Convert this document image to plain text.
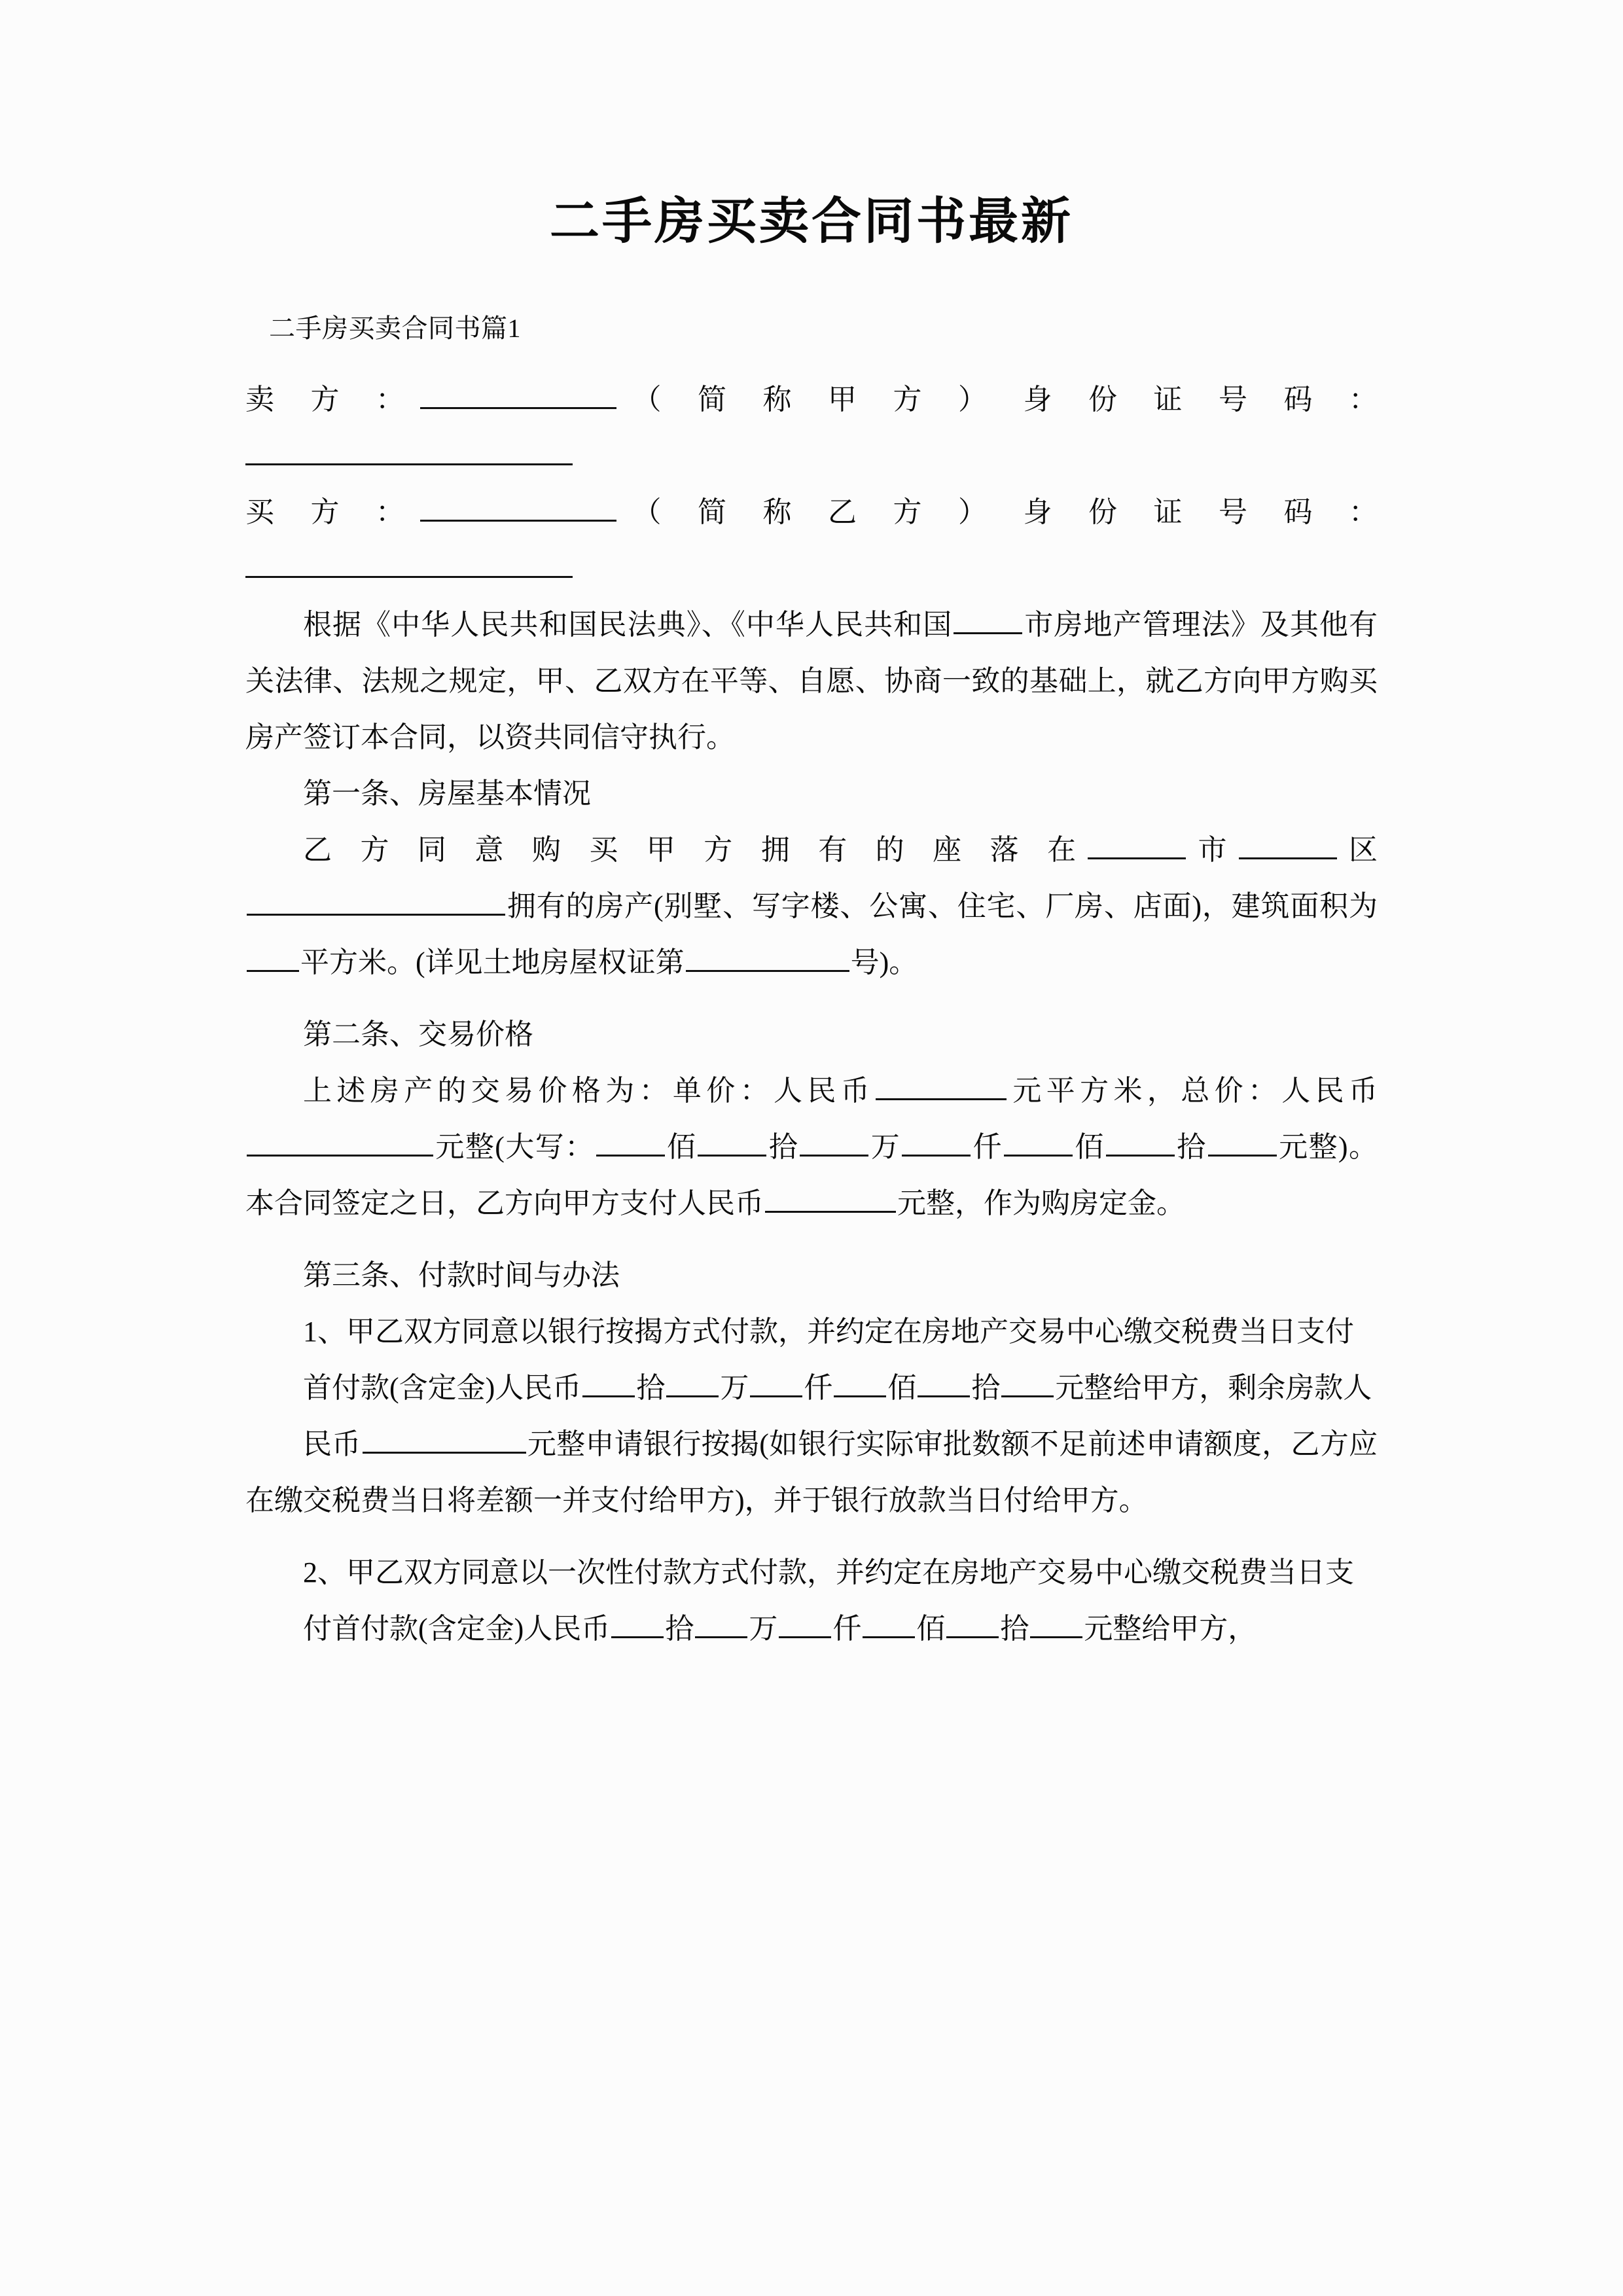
二手房买卖合同书最新
二手房买卖合同书篇1

卖 方 ：	（ 简 称 甲 方 ） 身 份 证 号 码 ：

买 方 ：	（ 简 称 乙 方 ） 身 份 证 号 码 ：

根据《中华人民共和国民法典》、《中华人民共和国 市房地产管理法》及其他有关法律、法规之规定，甲、乙双方在平等、自愿、协商一致的基础上，就乙方向甲方购买房产签订本合同，以资共同信守执行。

第一条、房屋基本情况

乙 方 同 意 购 买 甲 方 拥 有 的 座 落 在	市	区

拥有的房产(别墅、写字楼、公寓、住宅、厂房、店面)，建筑面积为平方米。(详见土地房屋权证第	号)。

第二条、交易价格

上述房产的交易价格为：单价：人民币	元平方米，总价：人民币元整(大写： 佰 拾 万 仟 佰 拾 元整)。本合同签定之日，乙方向甲方支付人民币	元整，作为购房定金。

第三条、付款时间与办法

1、甲乙双方同意以银行按揭方式付款，并约定在房地产交易中心缴交税费当日支付

首付款(含定金)人民币 拾 万 仟 佰 拾 元整给甲方，剩余房款人

民币	元整申请银行按揭(如银行实际审批数额不足前述申请额度，乙方应在缴交税费当日将差额一并支付给甲方)，并于银行放款当日付给甲方。

2、甲乙双方同意以一次性付款方式付款，并约定在房地产交易中心缴交税费当日支

付首付款(含定金)人民币 拾 万 仟 佰 拾 元整给甲方，
